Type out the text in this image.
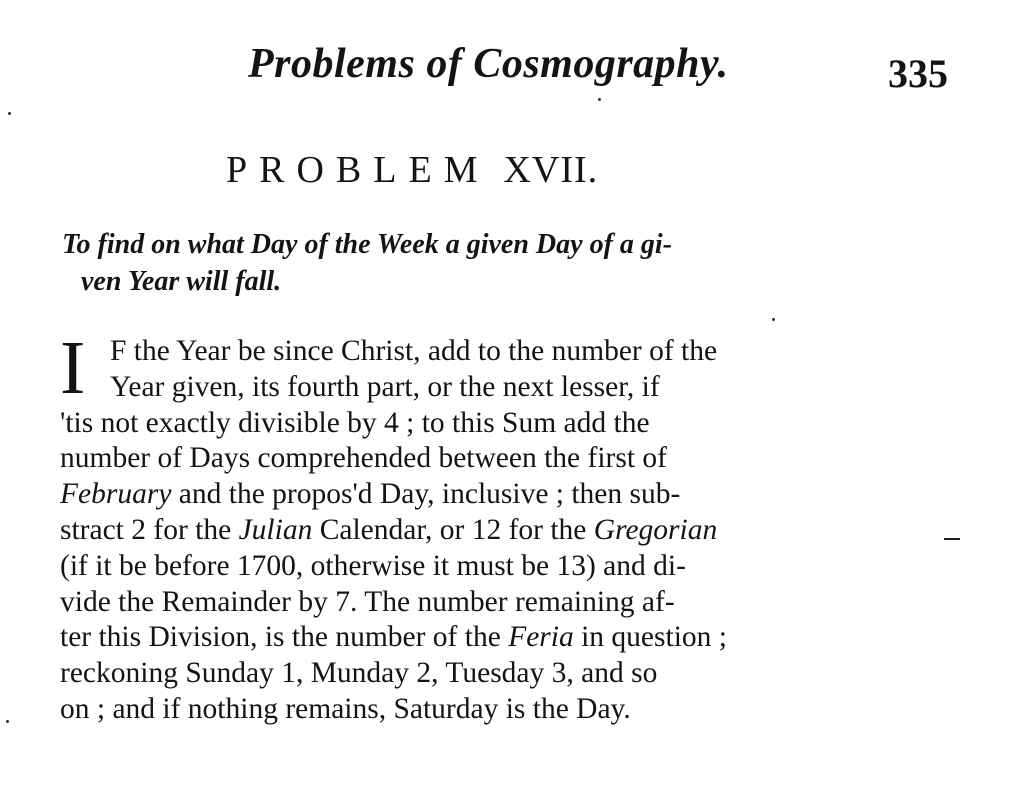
Problems of Cosmography.	335
PROBLEM XVII.
To find on what Day of the Week a given Day of a gi-
ven Year will fall.
I F the Year be since Christ, add to the number of the
Year given, its fourth part, or the next lesser, if
'tis not exactly divisible by 4 ; to this Sum add the
number of Days comprehended between the first of
February and the propos'd Day, inclusive ; then sub-
stract 2 for the Julian Calendar, or 12 for the Gregorian
(if it be before 1700, otherwise it must be 13) and di-
vide the Remainder by 7. The number remaining af-
ter this Division, is the number of the Feria in question ;
reckoning Sunday 1, Munday 2, Tuesday 3, and so
on ; and if nothing remains, Saturday is the Day.
